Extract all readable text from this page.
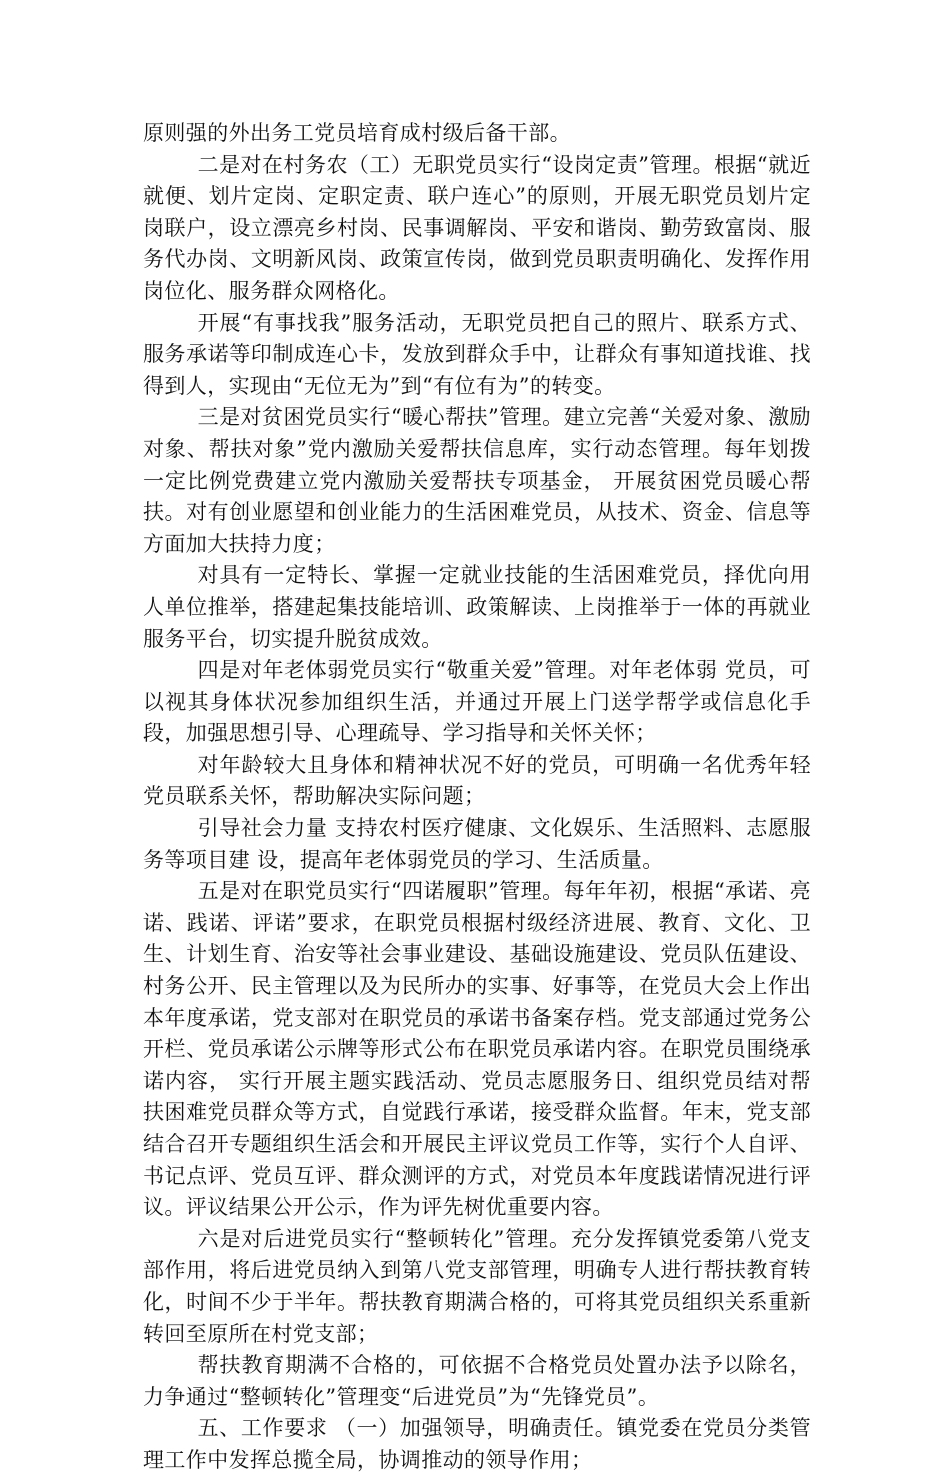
原则强的外出务工党员培育成村级后备干部。

二是对在村务农（工）无职党员实行“设岗定责”管理。根据“就近就便、划片定岗、定职定责、联户连心”的原则，开展无职党员划片定岗联户，设立漂亮乡村岗、民事调解岗、平安和谐岗、勤劳致富岗、服务代办岗、文明新风岗、政策宣传岗，做到党员职责明确化、发挥作用岗位化、服务群众网格化。

开展“有事找我”服务活动，无职党员把自己的照片、联系方式、服务承诺等印制成连心卡，发放到群众手中，让群众有事知道找谁、找得到人，实现由“无位无为”到“有位有为”的转变。

三是对贫困党员实行“暖心帮扶”管理。建立完善“关爱对象、激励对象、帮扶对象”党内激励关爱帮扶信息库，实行动态管理。每年划拨一定比例党费建立党内激励关爱帮扶专项基金， 开展贫困党员暖心帮扶。对有创业愿望和创业能力的生活困难党员，从技术、资金、信息等方面加大扶持力度；

对具有一定特长、掌握一定就业技能的生活困难党员，择优向用人单位推举，搭建起集技能培训、政策解读、上岗推举于一体的再就业服务平台，切实提升脱贫成效。

四是对年老体弱党员实行“敬重关爱”管理。对年老体弱 党员，可以视其身体状况参加组织生活，并通过开展上门送学帮学或信息化手段，加强思想引导、心理疏导、学习指导和关怀关怀；

对年龄较大且身体和精神状况不好的党员，可明确一名优秀年轻党员联系关怀，帮助解决实际问题；

引导社会力量 支持农村医疗健康、文化娱乐、生活照料、志愿服务等项目建 设，提高年老体弱党员的学习、生活质量。

五是对在职党员实行“四诺履职”管理。每年年初，根据“承诺、亮诺、践诺、评诺”要求，在职党员根据村级经济进展、教育、文化、卫生、计划生育、治安等社会事业建设、基础设施建设、党员队伍建设、村务公开、民主管理以及为民所办的实事、好事等，在党员大会上作出本年度承诺，党支部对在职党员的承诺书备案存档。党支部通过党务公开栏、党员承诺公示牌等形式公布在职党员承诺内容。在职党员围绕承诺内容， 实行开展主题实践活动、党员志愿服务日、组织党员结对帮扶困难党员群众等方式，自觉践行承诺，接受群众监督。年末，党支部结合召开专题组织生活会和开展民主评议党员工作等，实行个人自评、书记点评、党员互评、群众测评的方式，对党员本年度践诺情况进行评议。评议结果公开公示，作为评先树优重要内容。

六是对后进党员实行“整顿转化”管理。充分发挥镇党委第八党支部作用，将后进党员纳入到第八党支部管理，明确专人进行帮扶教育转化，时间不少于半年。帮扶教育期满合格的，可将其党员组织关系重新转回至原所在村党支部；

帮扶教育期满不合格的，可依据不合格党员处置办法予以除名，力争通过“整顿转化”管理变“后进党员”为“先锋党员”。

五、工作要求 （一）加强领导，明确责任。镇党委在党员分类管理工作中发挥总揽全局，协调推动的领导作用；
